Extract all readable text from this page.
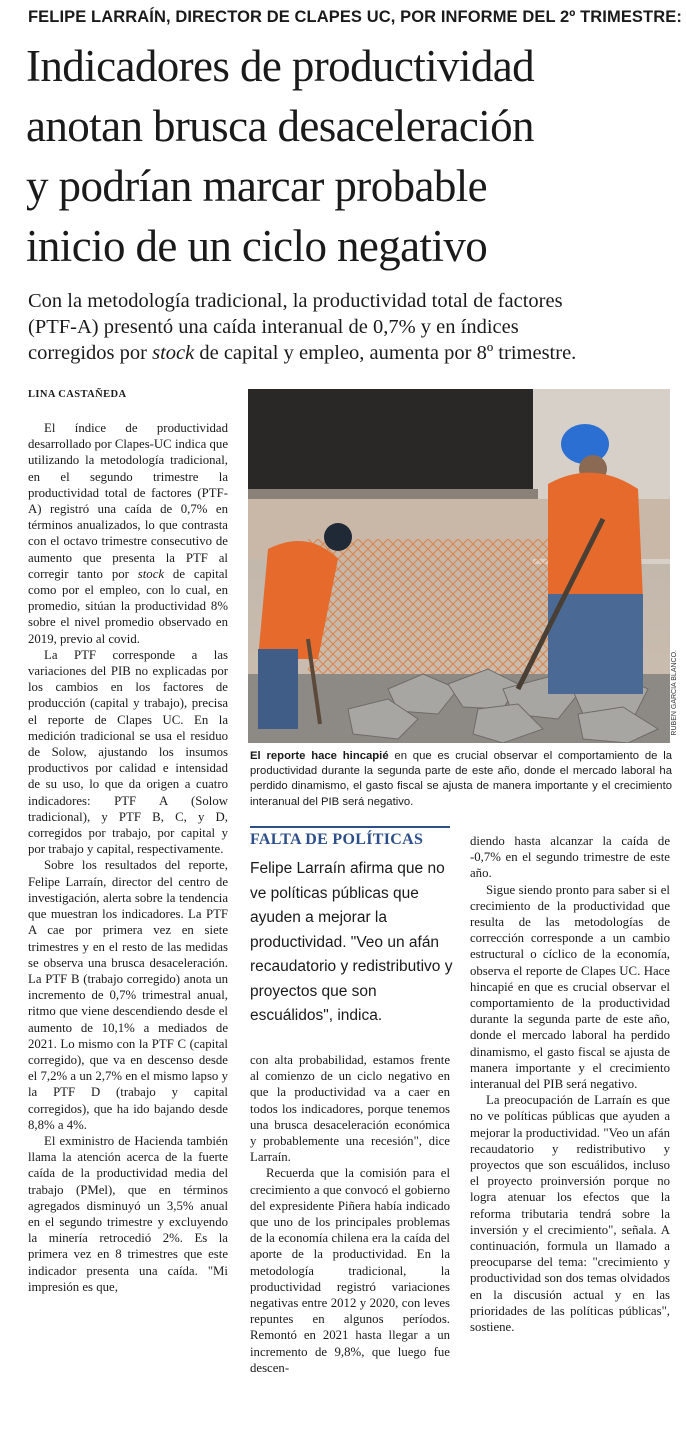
FELIPE LARRAÍN, DIRECTOR DE CLAPES UC, POR INFORME DEL 2º TRIMESTRE:
Indicadores de productividad
anotan brusca desaceleración
y podrían marcar probable
inicio de un ciclo negativo
Con la metodología tradicional, la productividad total de factores
(PTF-A) presentó una caída interanual de 0,7% y en índices
corregidos por stock de capital y empleo, aumenta por 8º trimestre.
LINA CASTAÑEDA

El índice de productividad desarrollado por Clapes-UC indica que utilizando la metodología tradicional, en el segundo trimestre la productividad total de factores (PTF-A) registró una caída de 0,7% en términos anualizados, lo que contrasta con el octavo trimestre consecutivo de aumento que presenta la PTF al corregir tanto por stock de capital como por el empleo, con lo cual, en promedio, sitúan la productividad 8% sobre el nivel promedio observado en 2019, previo al covid.

La PTF corresponde a las variaciones del PIB no explicadas por los cambios en los factores de producción (capital y trabajo), precisa el reporte de Clapes UC. En la medición tradicional se usa el residuo de Solow, ajustando los insumos productivos por calidad e intensidad de su uso, lo que da origen a cuatro indicadores: PTF A (Solow tradicional), y PTF B, C, y D, corregidos por trabajo, por capital y por trabajo y capital, respectivamente.

Sobre los resultados del reporte, Felipe Larraín, director del centro de investigación, alerta sobre la tendencia que muestran los indicadores. La PTF A cae por primera vez en siete trimestres y en el resto de las medidas se observa una brusca desaceleración. La PTF B (trabajo corregido) anota un incremento de 0,7% trimestral anual, ritmo que viene descendiendo desde el aumento de 10,1% a mediados de 2021. Lo mismo con la PTF C (capital corregido), que va en descenso desde el 7,2% a un 2,7% en el mismo lapso y la PTF D (trabajo y capital corregidos), que ha ido bajando desde 8,8% a 4%.

El exministro de Hacienda también llama la atención acerca de la fuerte caída de la productividad media del trabajo (PMel), que en términos agregados disminuyó un 3,5% anual en el segundo trimestre y excluyendo la minería retrocedió 2%. Es la primera vez en 8 trimestres que este indicador presenta una caída. "Mi impresión es que,

RUBEN GARCIA BLANCO.
El reporte hace hincapié en que es crucial observar el comportamiento de la productividad durante la segunda parte de este año, donde el mercado laboral ha perdido dinamismo, el gasto fiscal se ajusta de manera importante y el crecimiento interanual del PIB será negativo.
FALTA DE POLÍTICAS
Felipe Larraín afirma que no ve políticas públicas que ayuden a mejorar la productividad. "Veo un afán recaudatorio y redistributivo y proyectos que son escuálidos", indica.

con alta probabilidad, estamos frente al comienzo de un ciclo negativo en que la productividad va a caer en todos los indicadores, porque tenemos una brusca desaceleración económica y probablemente una recesión", dice Larraín.

Recuerda que la comisión para el crecimiento a que convocó el gobierno del expresidente Piñera había indicado que uno de los principales problemas de la economía chilena era la caída del aporte de la productividad. En la metodología tradicional, la productividad registró variaciones negativas entre 2012 y 2020, con leves repuntes en algunos períodos. Remontó en 2021 hasta llegar a un incremento de 9,8%, que luego fue descen-

diendo hasta alcanzar la caída de -0,7% en el segundo trimestre de este año.

Sigue siendo pronto para saber si el crecimiento de la productividad que resulta de las metodologías de corrección corresponde a un cambio estructural o cíclico de la economía, observa el reporte de Clapes UC. Hace hincapié en que es crucial observar el comportamiento de la productividad durante la segunda parte de este año, donde el mercado laboral ha perdido dinamismo, el gasto fiscal se ajusta de manera importante y el crecimiento interanual del PIB será negativo.

La preocupación de Larraín es que no ve políticas públicas que ayuden a mejorar la productividad. "Veo un afán recaudatorio y redistributivo y proyectos que son escuálidos, incluso el proyecto proinversión porque no logra atenuar los efectos que la reforma tributaria tendrá sobre la inversión y el crecimiento", señala. A continuación, formula un llamado a preocuparse del tema: "crecimiento y productividad son dos temas olvidados en la discusión actual y en las prioridades de las políticas públicas", sostiene.
